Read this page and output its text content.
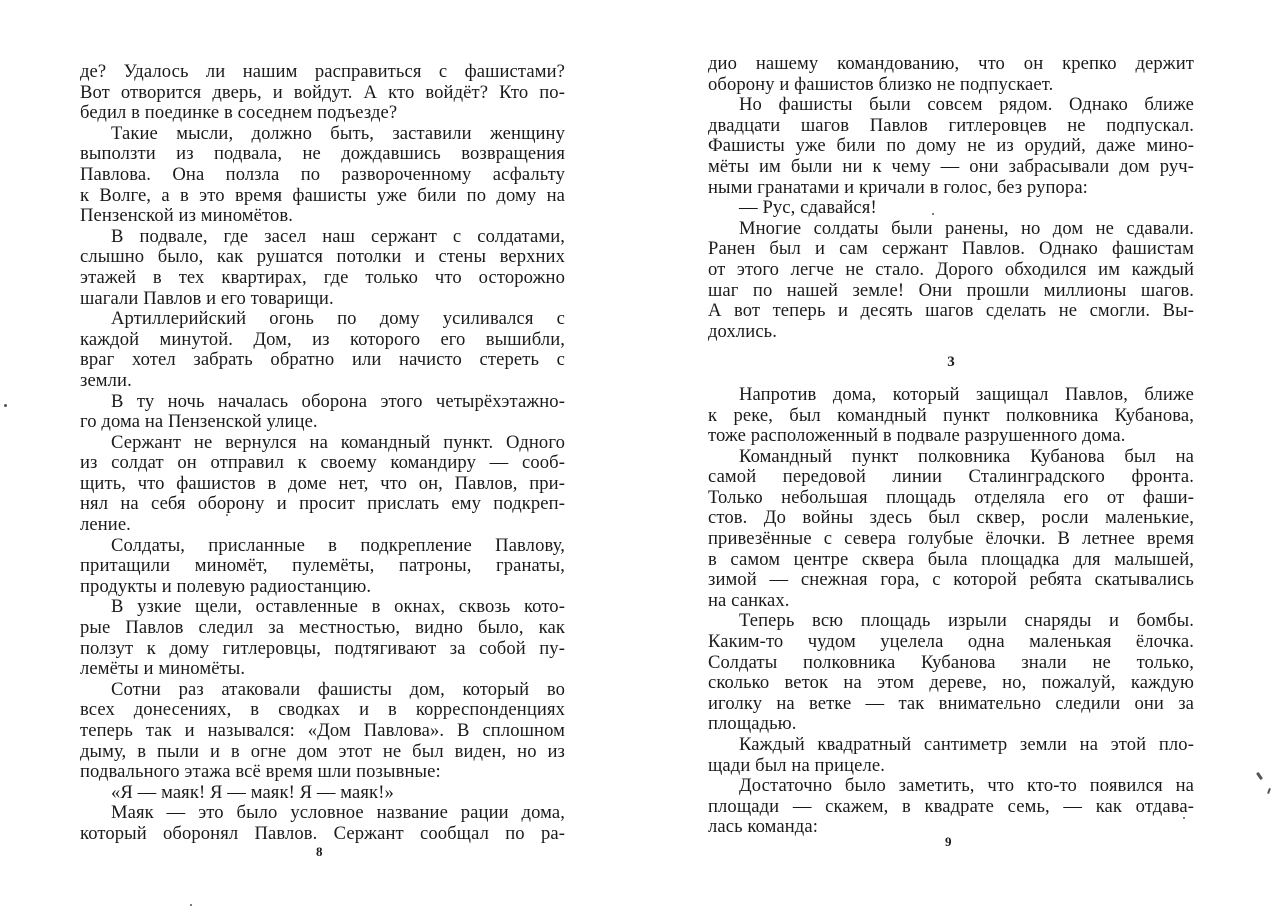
де? Удалось ли нашим расправиться с фашистами?
Вот отворится дверь, и войдут. А кто войдёт? Кто по-
бедил в поединке в соседнем подъезде?
Такие мысли, должно быть, заставили женщину
выползти из подвала, не дождавшись возвращения
Павлова. Она ползла по развороченному асфальту
к Волге, а в это время фашисты уже били по дому на
Пензенской из миномётов.
В подвале, где засел наш сержант с солдатами,
слышно было, как рушатся потолки и стены верхних
этажей в тех квартирах, где только что осторожно
шагали Павлов и его товарищи.
Артиллерийский огонь по дому усиливался с
каждой минутой. Дом, из которого его вышибли,
враг хотел забрать обратно или начисто стереть с
земли.
В ту ночь началась оборона этого четырёхэтажно-
го дома на Пензенской улице.
Сержант не вернулся на командный пункт. Одного
из солдат он отправил к своему командиру — сооб-
щить, что фашистов в доме нет, что он, Павлов, при-
нял на себя оборону и просит прислать ему подкреп-
ление.
Солдаты, присланные в подкрепление Павлову,
притащили миномёт, пулемёты, патроны, гранаты,
продукты и полевую радиостанцию.
В узкие щели, оставленные в окнах, сквозь кото-
рые Павлов следил за местностью, видно было, как
ползут к дому гитлеровцы, подтягивают за собой пу-
лемёты и миномёты.
Сотни раз атаковали фашисты дом, который во
всех донесениях, в сводках и в корреспонденциях
теперь так и назывался: «Дом Павлова». В сплошном
дыму, в пыли и в огне дом этот не был виден, но из
подвального этажа всё время шли позывные:
«Я — маяк! Я — маяк! Я — маяк!»
Маяк — это было условное название рации дома,
который оборонял Павлов. Сержант сообщал по ра-
8
дио нашему командованию, что он крепко держит
оборону и фашистов близко не подпускает.
Но фашисты были совсем рядом. Однако ближе
двадцати шагов Павлов гитлеровцев не подпускал.
Фашисты уже били по дому не из орудий, даже мино-
мёты им были ни к чему — они забрасывали дом руч-
ными гранатами и кричали в голос, без рупора:
— Рус, сдавайся!
Многие солдаты были ранены, но дом не сдавали.
Ранен был и сам сержант Павлов. Однако фашистам
от этого легче не стало. Дорого обходился им каждый
шаг по нашей земле! Они прошли миллионы шагов.
А вот теперь и десять шагов сделать не смогли. Вы-
дохлись.
3
Напротив дома, который защищал Павлов, ближе
к реке, был командный пункт полковника Кубанова,
тоже расположенный в подвале разрушенного дома.
Командный пункт полковника Кубанова был на
самой передовой линии Сталинградского фронта.
Только небольшая площадь отделяла его от фаши-
стов. До войны здесь был сквер, росли маленькие,
привезённые с севера голубые ёлочки. В летнее время
в самом центре сквера была площадка для малышей,
зимой — снежная гора, с которой ребята скатывались
на санках.
Теперь всю площадь изрыли снаряды и бомбы.
Каким-то чудом уцелела одна маленькая ёлочка.
Солдаты полковника Кубанова знали не только,
сколько веток на этом дереве, но, пожалуй, каждую
иголку на ветке — так внимательно следили они за
площадью.
Каждый квадратный сантиметр земли на этой пло-
щади был на прицеле.
Достаточно было заметить, что кто-то появился на
площади — скажем, в квадрате семь, — как отдава-
лась команда:
9
